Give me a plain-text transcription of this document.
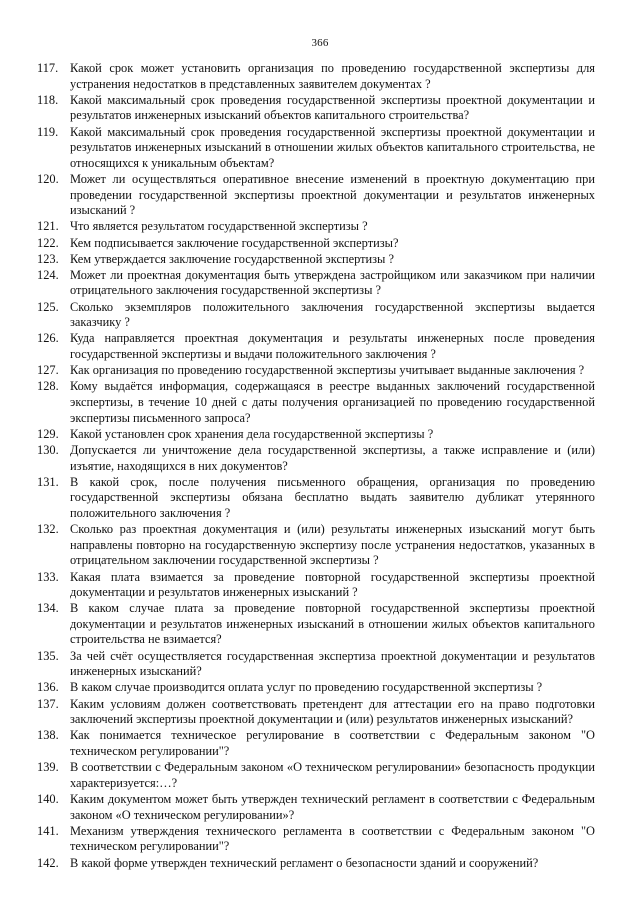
366
117. Какой срок может установить организация по проведению государственной экспертизы для устранения недостатков в представленных заявителем документах ?
118. Какой максимальный срок проведения государственной экспертизы проектной документации и результатов инженерных изысканий объектов капитального строительства?
119. Какой максимальный срок проведения государственной экспертизы проектной документации и результатов инженерных изысканий в отношении жилых объектов капитального строительства, не относящихся к уникальным объектам?
120. Может ли осуществляться оперативное внесение изменений в проектную документацию при проведении государственной экспертизы проектной документации и результатов инженерных изысканий ?
121. Что является результатом государственной экспертизы ?
122. Кем подписывается заключение государственной экспертизы?
123. Кем утверждается заключение государственной экспертизы ?
124. Может ли проектная документация быть утверждена застройщиком или заказчиком при наличии отрицательного заключения государственной экспертизы ?
125. Сколько экземпляров положительного заключения государственной экспертизы выдается заказчику ?
126. Куда направляется проектная документация и результаты инженерных после проведения государственной экспертизы и выдачи положительного заключения ?
127. Как организация по проведению государственной экспертизы учитывает выданные заключения ?
128. Кому выдаётся информация, содержащаяся в реестре выданных заключений государственной экспертизы, в течение 10 дней с даты получения организацией по проведению государственной экспертизы письменного запроса?
129. Какой установлен срок хранения дела государственной экспертизы ?
130. Допускается ли уничтожение дела государственной экспертизы, а также исправление и (или) изъятие, находящихся в них документов?
131. В какой срок, после получения письменного обращения, организация по проведению государственной экспертизы обязана бесплатно выдать заявителю дубликат утерянного положительного заключения ?
132. Сколько раз проектная документация и (или) результаты инженерных изысканий могут быть направлены повторно на государственную экспертизу после устранения недостатков, указанных в отрицательном заключении государственной экспертизы ?
133. Какая плата взимается за проведение повторной государственной экспертизы проектной документации и результатов инженерных изысканий ?
134. В каком случае плата за проведение повторной государственной экспертизы проектной документации и результатов инженерных изысканий в отношении жилых объектов капитального строительства не взимается?
135. За чей счёт осуществляется государственная экспертиза проектной документации и результатов инженерных изысканий?
136. В каком случае производится оплата услуг по проведению государственной экспертизы ?
137. Каким условиям должен соответствовать претендент для аттестации его на право подготовки заключений экспертизы проектной документации и (или) результатов инженерных изысканий?
138. Как понимается техническое регулирование в соответствии с Федеральным законом "О техническом регулировании"?
139. В соответствии с Федеральным законом «О техническом регулировании» безопасность продукции характеризуется:…?
140. Каким документом может быть утвержден технический регламент в соответствии с Федеральным законом «О техническом регулировании»?
141. Механизм утверждения технического регламента в соответствии с Федеральным законом "О техническом регулировании"?
142. В какой форме утвержден технический регламент о безопасности зданий и сооружений?
